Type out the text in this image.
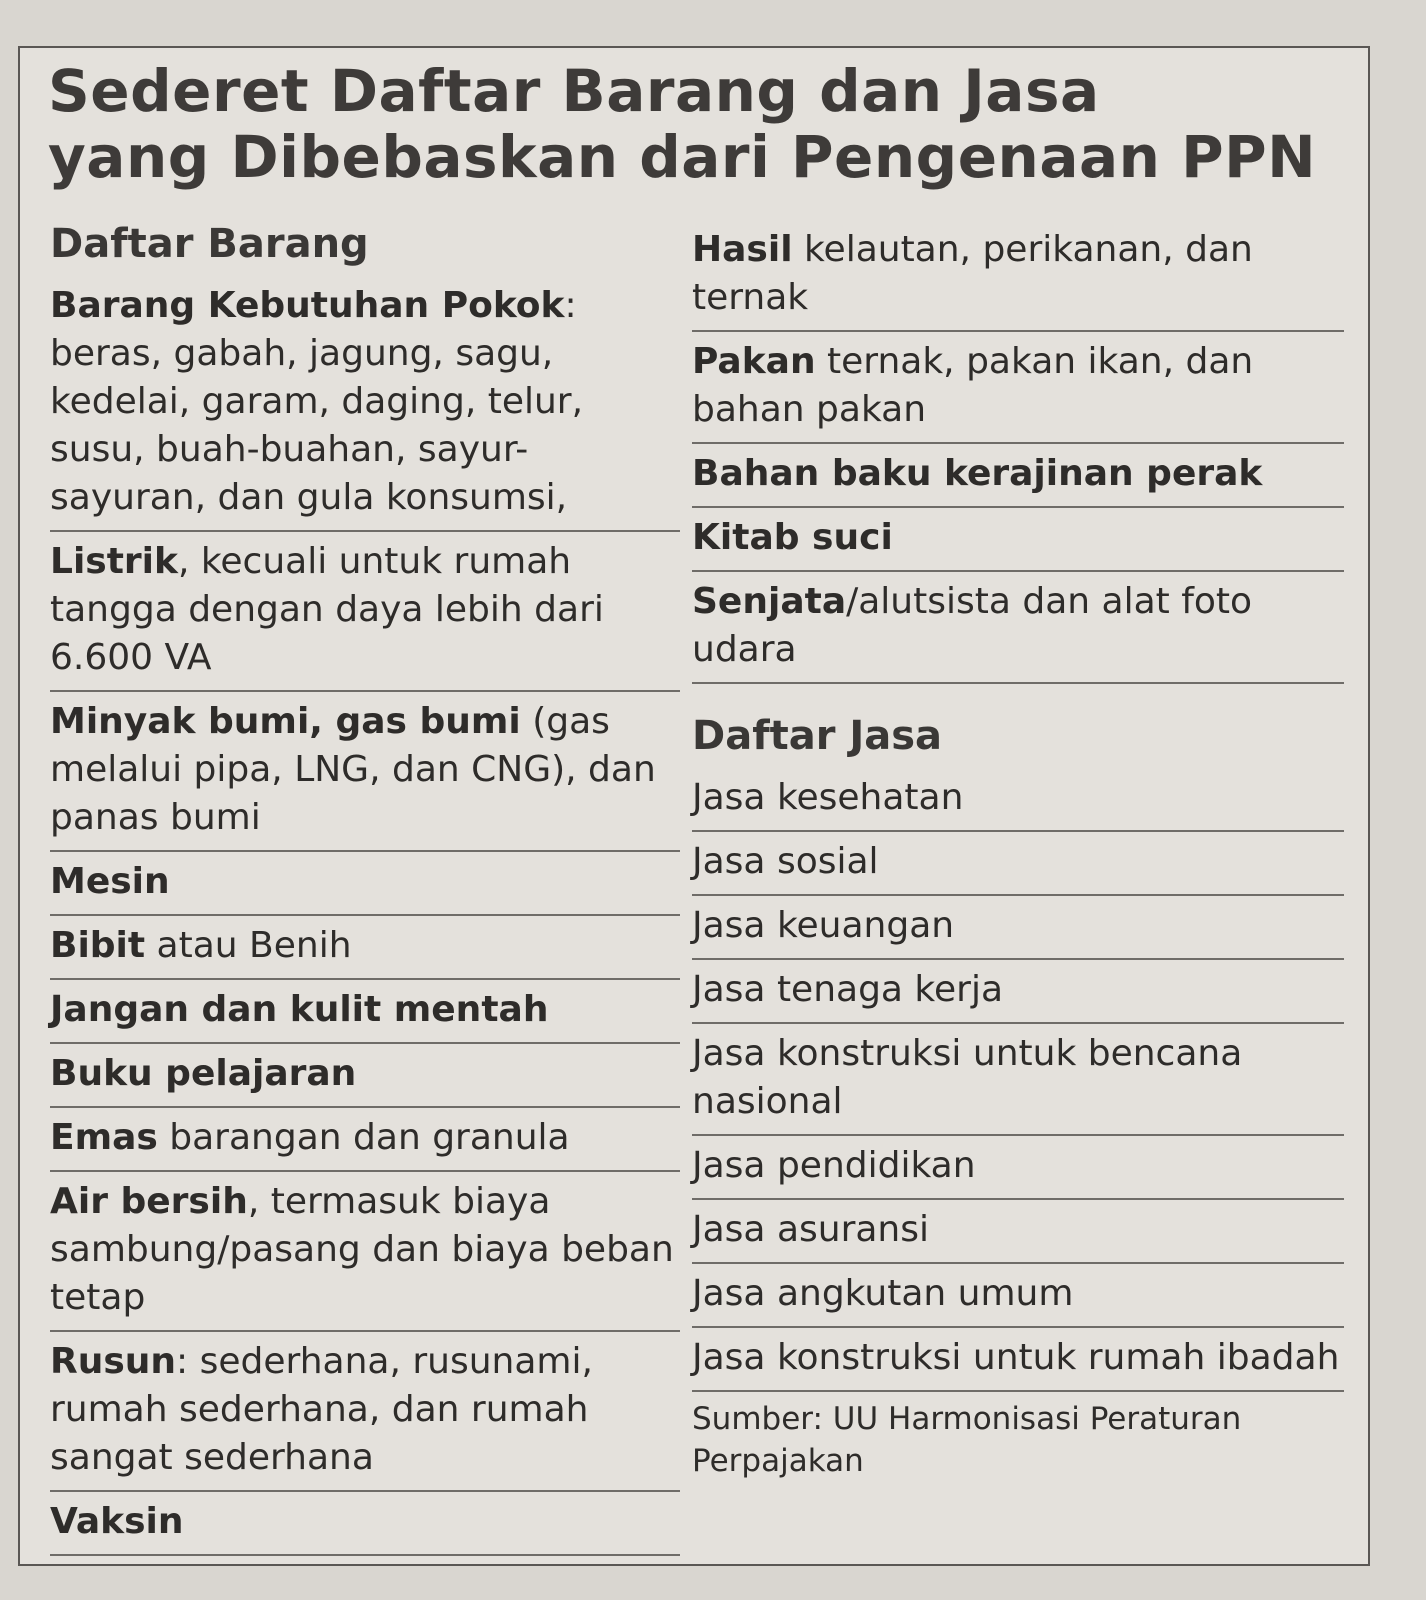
Sederet Daftar Barang dan Jasa
yang Dibebaskan dari Pengenaan PPN
Daftar Barang
Barang Kebutuhan Pokok: beras, gabah, jagung, sagu, kedelai, garam, daging, telur, susu, buah-buahan, sayur-sayuran, dan gula konsumsi,
Listrik, kecuali untuk rumah tangga dengan daya lebih dari 6.600 VA
Minyak bumi, gas bumi (gas melalui pipa, LNG, dan CNG), dan panas bumi
Mesin
Bibit atau Benih
Jangan dan kulit mentah
Buku pelajaran
Emas barangan dan granula
Air bersih, termasuk biaya sambung/pasang dan biaya beban tetap
Rusun: sederhana, rusunami, rumah sederhana, dan rumah sangat sederhana
Vaksin
Hasil kelautan, perikanan, dan ternak
Pakan ternak, pakan ikan, dan bahan pakan
Bahan baku kerajinan perak
Kitab suci
Senjata/alutsista dan alat foto udara
Daftar Jasa
Jasa kesehatan
Jasa sosial
Jasa keuangan
Jasa tenaga kerja
Jasa konstruksi untuk bencana nasional
Jasa pendidikan
Jasa asuransi
Jasa angkutan umum
Jasa konstruksi untuk rumah ibadah
Sumber: UU Harmonisasi Peraturan Perpajakan
